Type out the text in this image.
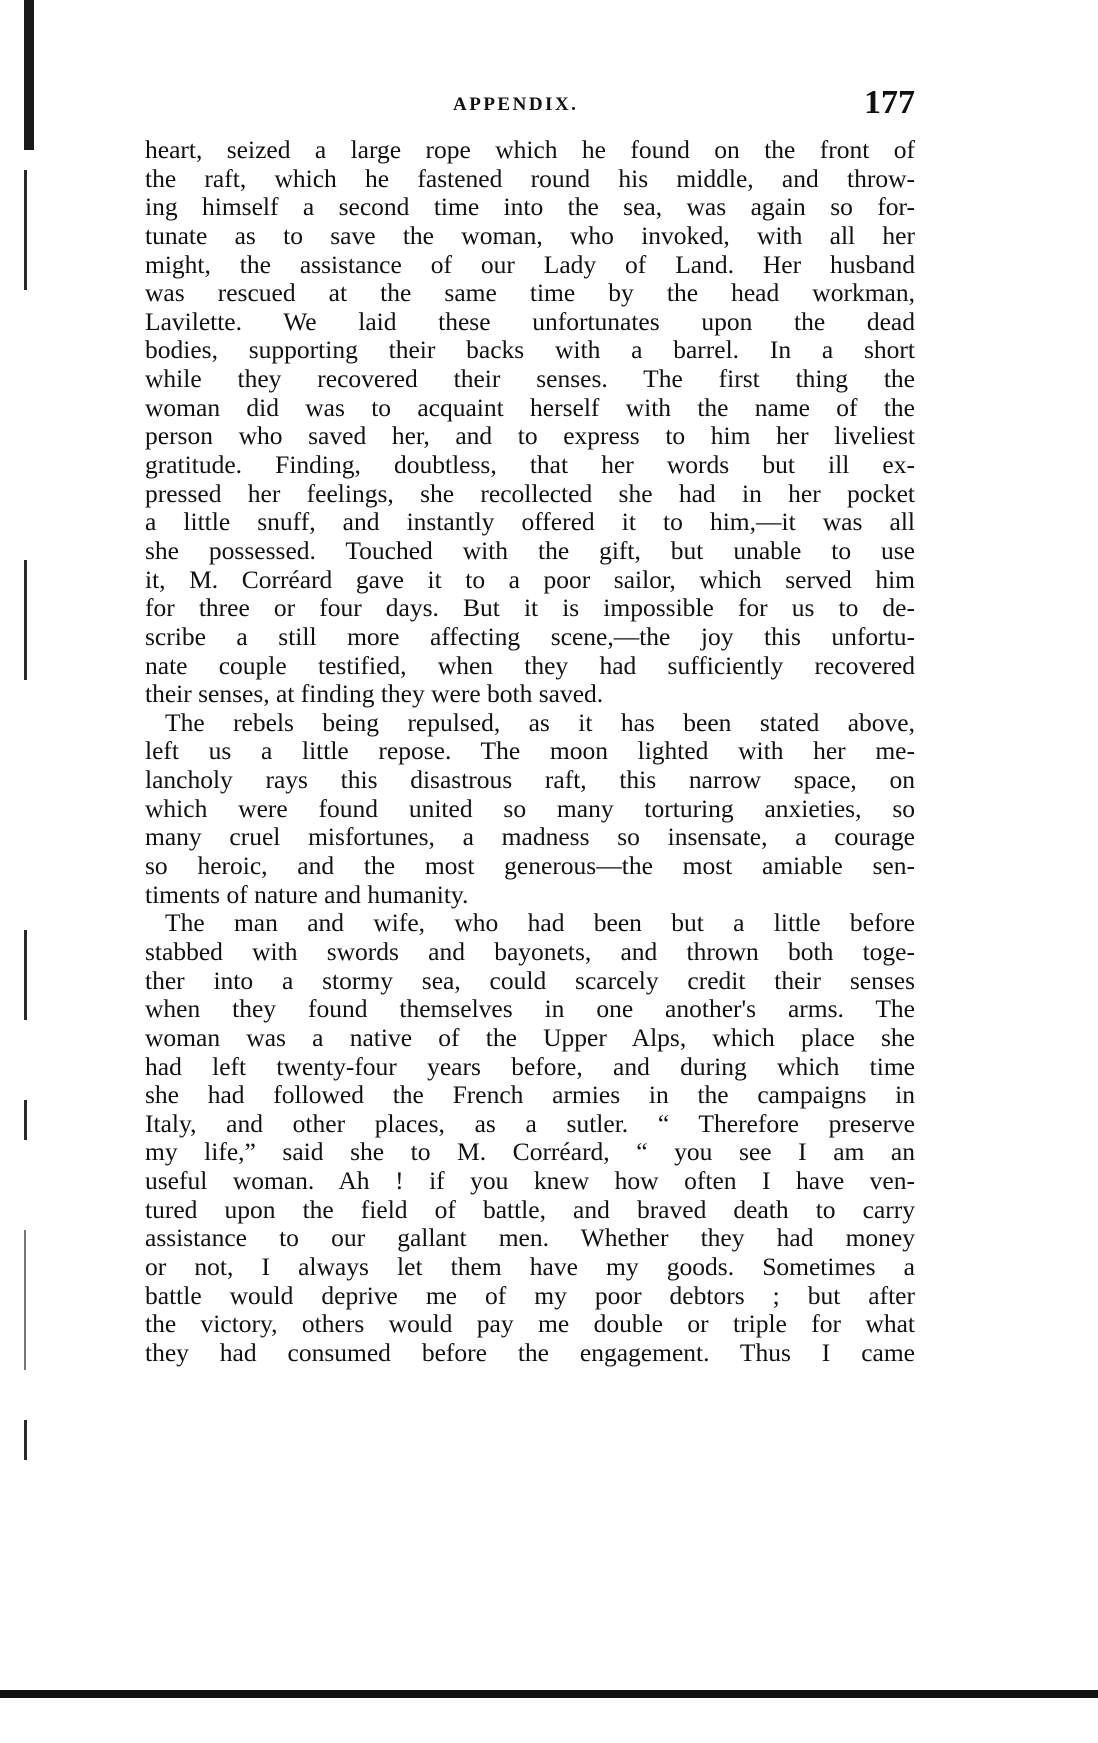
APPENDIX.	177
heart, seized a large rope which he found on the front of
the raft, which he fastened round his middle, and throw-
ing himself a second time into the sea, was again so for-
tunate as to save the woman, who invoked, with all her
might, the assistance of our Lady of Land. Her husband
was rescued at the same time by the head workman,
Lavilette. We laid these unfortunates upon the dead
bodies, supporting their backs with a barrel. In a short
while they recovered their senses. The first thing the
woman did was to acquaint herself with the name of the
person who saved her, and to express to him her liveliest
gratitude. Finding, doubtless, that her words but ill ex-
pressed her feelings, she recollected she had in her pocket
a little snuff, and instantly offered it to him,—it was all
she possessed. Touched with the gift, but unable to use
it, M. Corréard gave it to a poor sailor, which served him
for three or four days. But it is impossible for us to de-
scribe a still more affecting scene,—the joy this unfortu-
nate couple testified, when they had sufficiently recovered
their senses, at finding they were both saved.
The rebels being repulsed, as it has been stated above,
left us a little repose. The moon lighted with her me-
lancholy rays this disastrous raft, this narrow space, on
which were found united so many torturing anxieties, so
many cruel misfortunes, a madness so insensate, a courage
so heroic, and the most generous—the most amiable sen-
timents of nature and humanity.
The man and wife, who had been but a little before
stabbed with swords and bayonets, and thrown both toge-
ther into a stormy sea, could scarcely credit their senses
when they found themselves in one another's arms. The
woman was a native of the Upper Alps, which place she
had left twenty-four years before, and during which time
she had followed the French armies in the campaigns in
Italy, and other places, as a sutler. “ Therefore preserve
my life,” said she to M. Corréard, “ you see I am an
useful woman. Ah ! if you knew how often I have ven-
tured upon the field of battle, and braved death to carry
assistance to our gallant men. Whether they had money
or not, I always let them have my goods. Sometimes a
battle would deprive me of my poor debtors ; but after
the victory, others would pay me double or triple for what
they had consumed before the engagement. Thus I came
